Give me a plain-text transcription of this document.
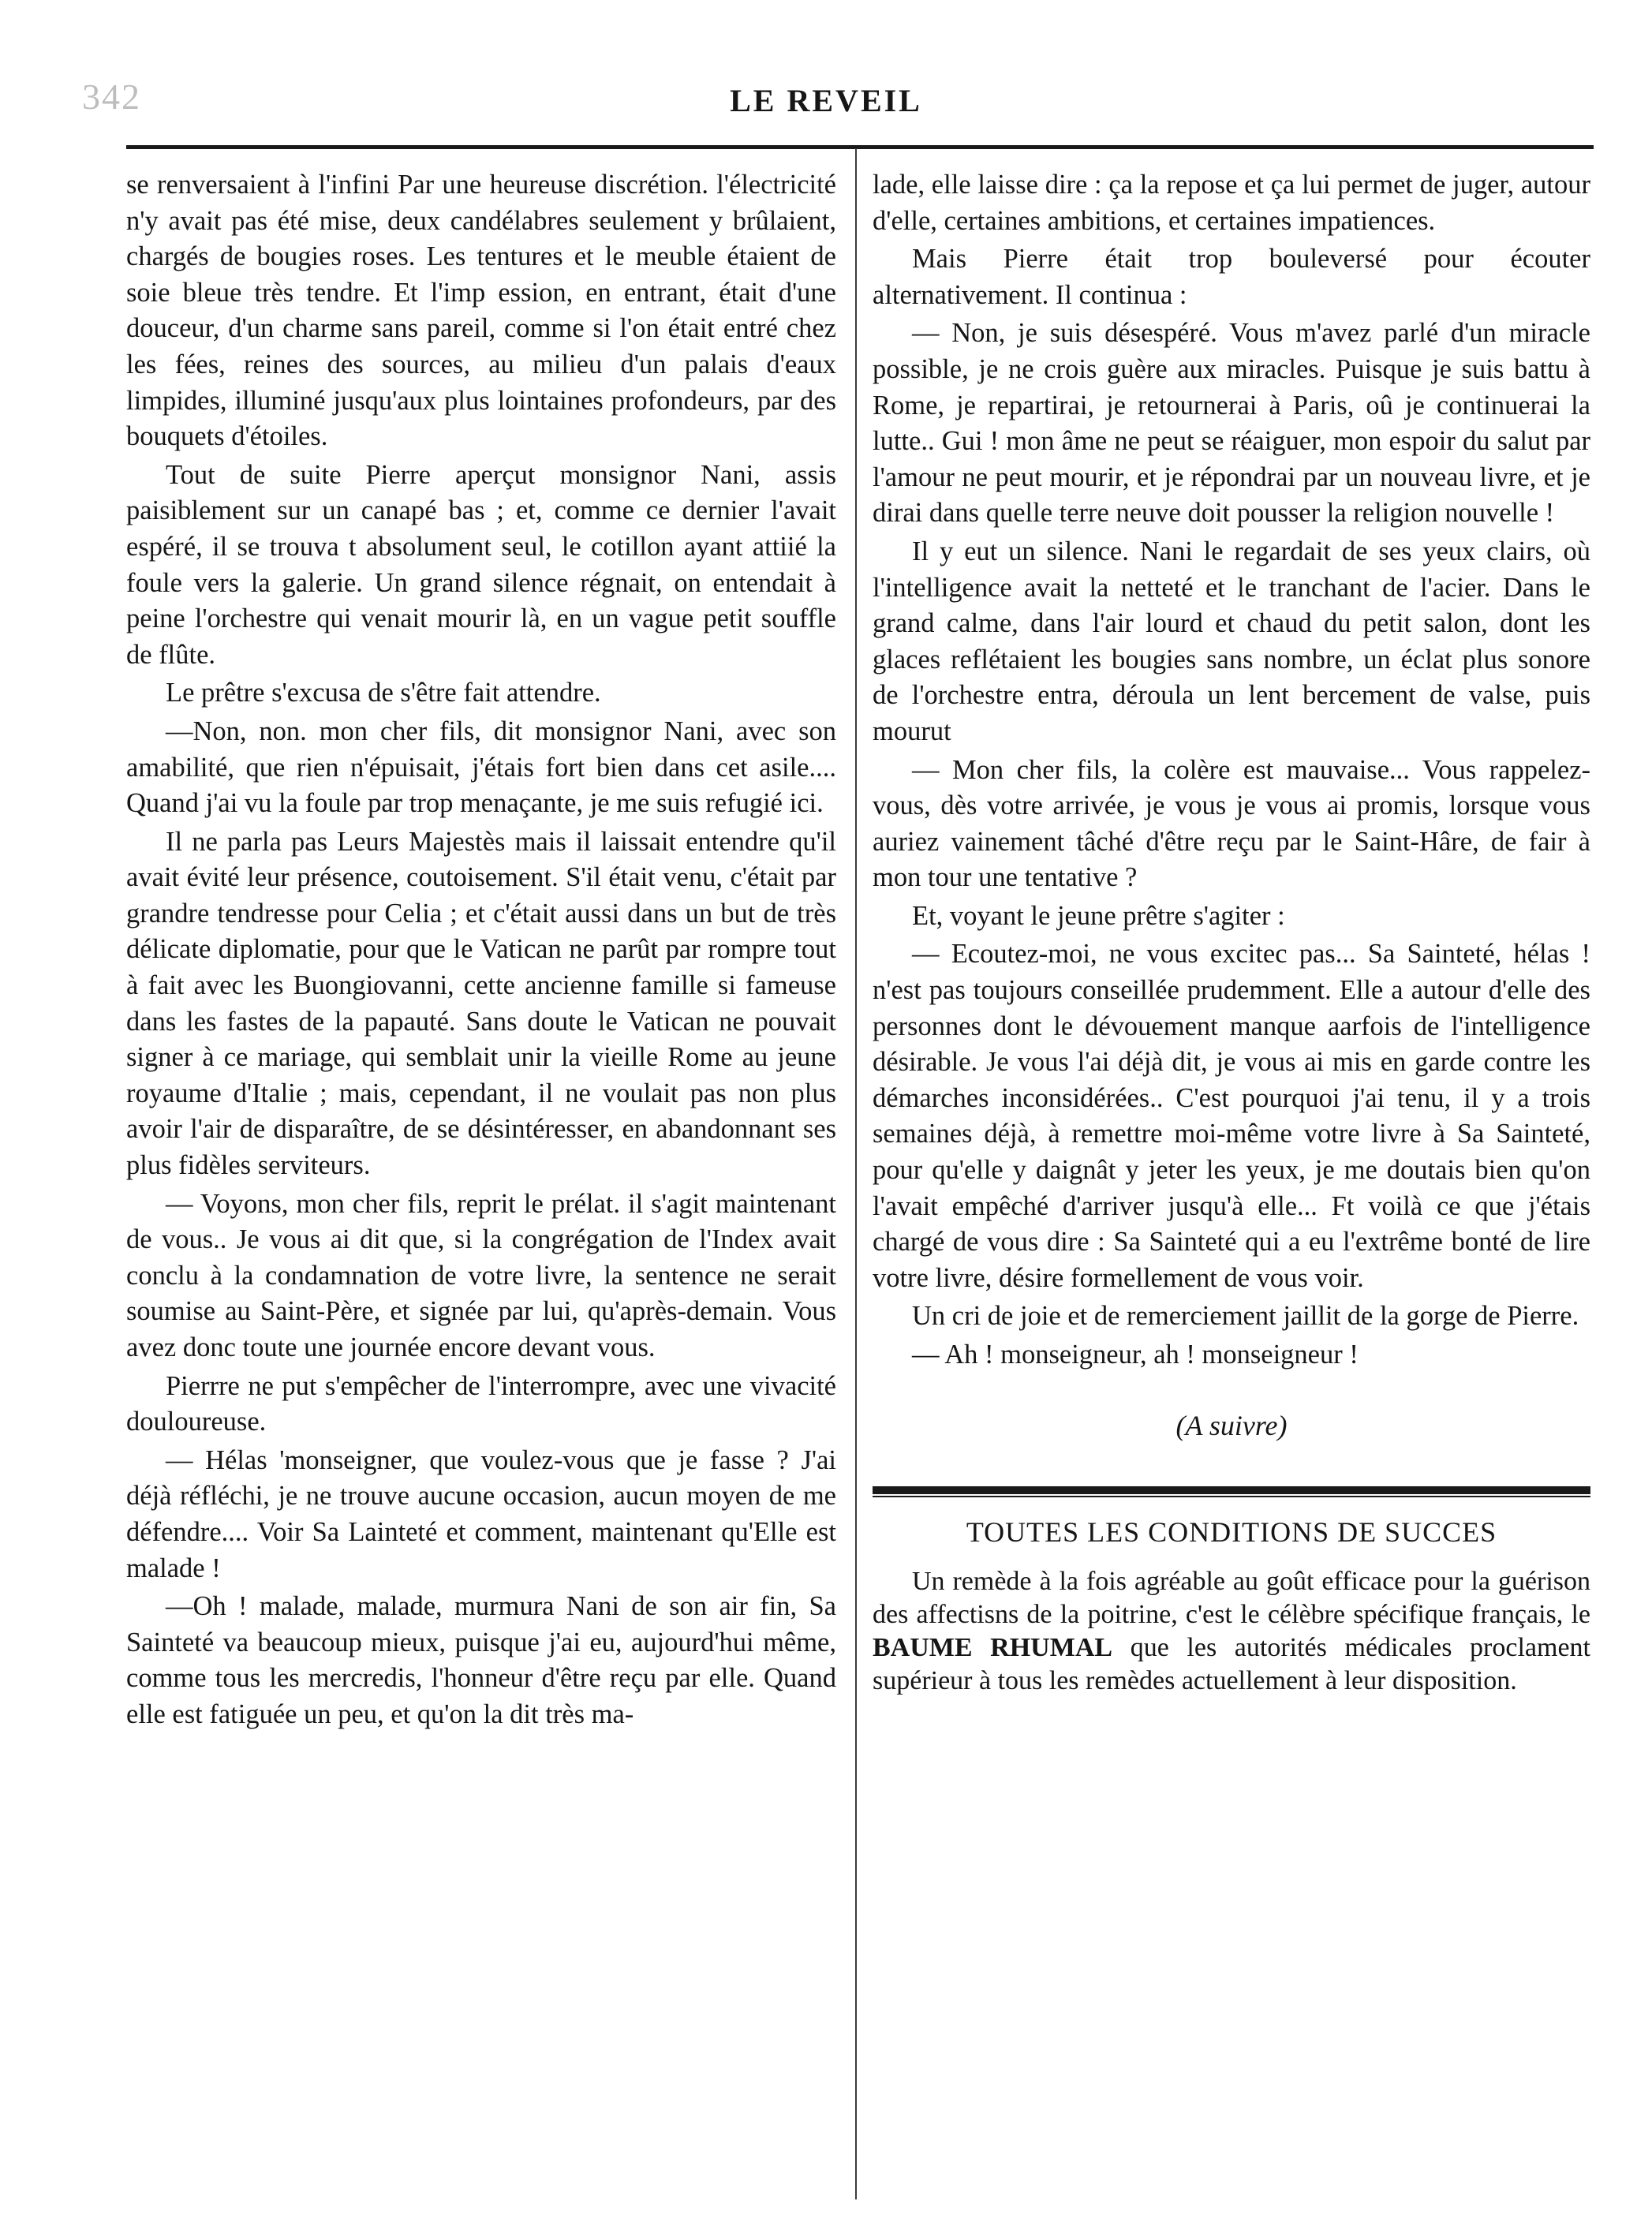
342	LE REVEIL

se renversaient à l'infini Par une heureuse discrétion. l'électricité n'y avait pas été mise, deux candélabres seulement y brûlaient, chargés de bougies roses. Les tentures et le meuble étaient de soie bleue très tendre. Et l'imp ession, en entrant, était d'une douceur, d'un charme sans pareil, comme si l'on était entré chez les fées, reines des sources, au milieu d'un palais d'eaux limpides, illuminé jusqu'aux plus lointaines profondeurs, par des bouquets d'étoiles.

Tout de suite Pierre aperçut monsignor Nani, assis paisiblement sur un canapé bas ; et, comme ce dernier l'avait espéré, il se trouva t absolument seul, le cotillon ayant attiié la foule vers la galerie. Un grand silence régnait, on entendait à peine l'orchestre qui venait mourir là, en un vague petit souffle de flûte.

Le prêtre s'excusa de s'être fait attendre.

—Non, non. mon cher fils, dit monsignor Nani, avec son amabilité, que rien n'épuisait, j'étais fort bien dans cet asile.... Quand j'ai vu la foule par trop menaçante, je me suis refugié ici.

Il ne parla pas Leurs Majestès mais il laissait entendre qu'il avait évité leur présence, coutoisement. S'il était venu, c'était par grandre tendresse pour Celia ; et c'était aussi dans un but de très délicate diplomatie, pour que le Vatican ne parût par rompre tout à fait avec les Buongiovanni, cette ancienne famille si fameuse dans les fastes de la papauté. Sans doute le Vatican ne pouvait signer à ce mariage, qui semblait unir la vieille Rome au jeune royaume d'Italie ; mais, cependant, il ne voulait pas non plus avoir l'air de disparaître, de se désintéresser, en abandonnant ses plus fidèles serviteurs.

— Voyons, mon cher fils, reprit le prélat. il s'agit maintenant de vous.. Je vous ai dit que, si la congrégation de l'Index avait conclu à la condamnation de votre livre, la sentence ne serait soumise au Saint-Père, et signée par lui, qu'après-demain. Vous avez donc toute une journée encore devant vous.

Pierrre ne put s'empêcher de l'interrompre, avec une vivacité douloureuse.

— Hélas 'monseigner, que voulez-vous que je fasse ? J'ai déjà réfléchi, je ne trouve aucune occasion, aucun moyen de me défendre.... Voir Sa Lainteté et comment, maintenant qu'Elle est malade !

—Oh ! malade, malade, murmura Nani de son air fin, Sa Sainteté va beaucoup mieux, puisque j'ai eu, aujourd'hui même, comme tous les mercredis, l'honneur d'être reçu par elle. Quand elle est fatiguée un peu, et qu'on la dit très ma-

lade, elle laisse dire : ça la repose et ça lui permet de juger, autour d'elle, certaines ambitions, et certaines impatiences.

Mais Pierre était trop bouleversé pour écouter alternativement. Il continua :

— Non, je suis désespéré. Vous m'avez parlé d'un miracle possible, je ne crois guère aux miracles. Puisque je suis battu à Rome, je repartirai, je retournerai à Paris, oû je continuerai la lutte.. Gui ! mon âme ne peut se réaiguer, mon espoir du salut par l'amour ne peut mourir, et je répondrai par un nouveau livre, et je dirai dans quelle terre neuve doit pousser la religion nouvelle !

Il y eut un silence. Nani le regardait de ses yeux clairs, où l'intelligence avait la netteté et le tranchant de l'acier. Dans le grand calme, dans l'air lourd et chaud du petit salon, dont les glaces reflétaient les bougies sans nombre, un éclat plus sonore de l'orchestre entra, déroula un lent bercement de valse, puis mourut

— Mon cher fils, la colère est mauvaise... Vous rappelez-vous, dès votre arrivée, je vous je vous ai promis, lorsque vous auriez vainement tâché d'être reçu par le Saint-Hâre, de fair à mon tour une tentative ?

Et, voyant le jeune prêtre s'agiter :

— Ecoutez-moi, ne vous excitec pas... Sa Sainteté, hélas ! n'est pas toujours conseillée prudemment. Elle a autour d'elle des personnes dont le dévouement manque aarfois de l'intelligence désirable. Je vous l'ai déjà dit, je vous ai mis en garde contre les démarches inconsidérées.. C'est pourquoi j'ai tenu, il y a trois semaines déjà, à remettre moi-même votre livre à Sa Sainteté, pour qu'elle y daignât y jeter les yeux, je me doutais bien qu'on l'avait empêché d'arriver jusqu'à elle... Ft voilà ce que j'étais chargé de vous dire : Sa Sainteté qui a eu l'extrême bonté de lire votre livre, désire formellement de vous voir.

Un cri de joie et de remerciement jaillit de la gorge de Pierre.

— Ah ! monseigneur, ah ! monseigneur !

(A suivre)
TOUTES LES CONDITIONS DE SUCCES

Un remède à la fois agréable au goût efficace pour la guérison des affectisns de la poitrine, c'est le célèbre spécifique français, le BAUME RHUMAL que les autorités médicales proclament supérieur à tous les remèdes actuellement à leur disposition.
